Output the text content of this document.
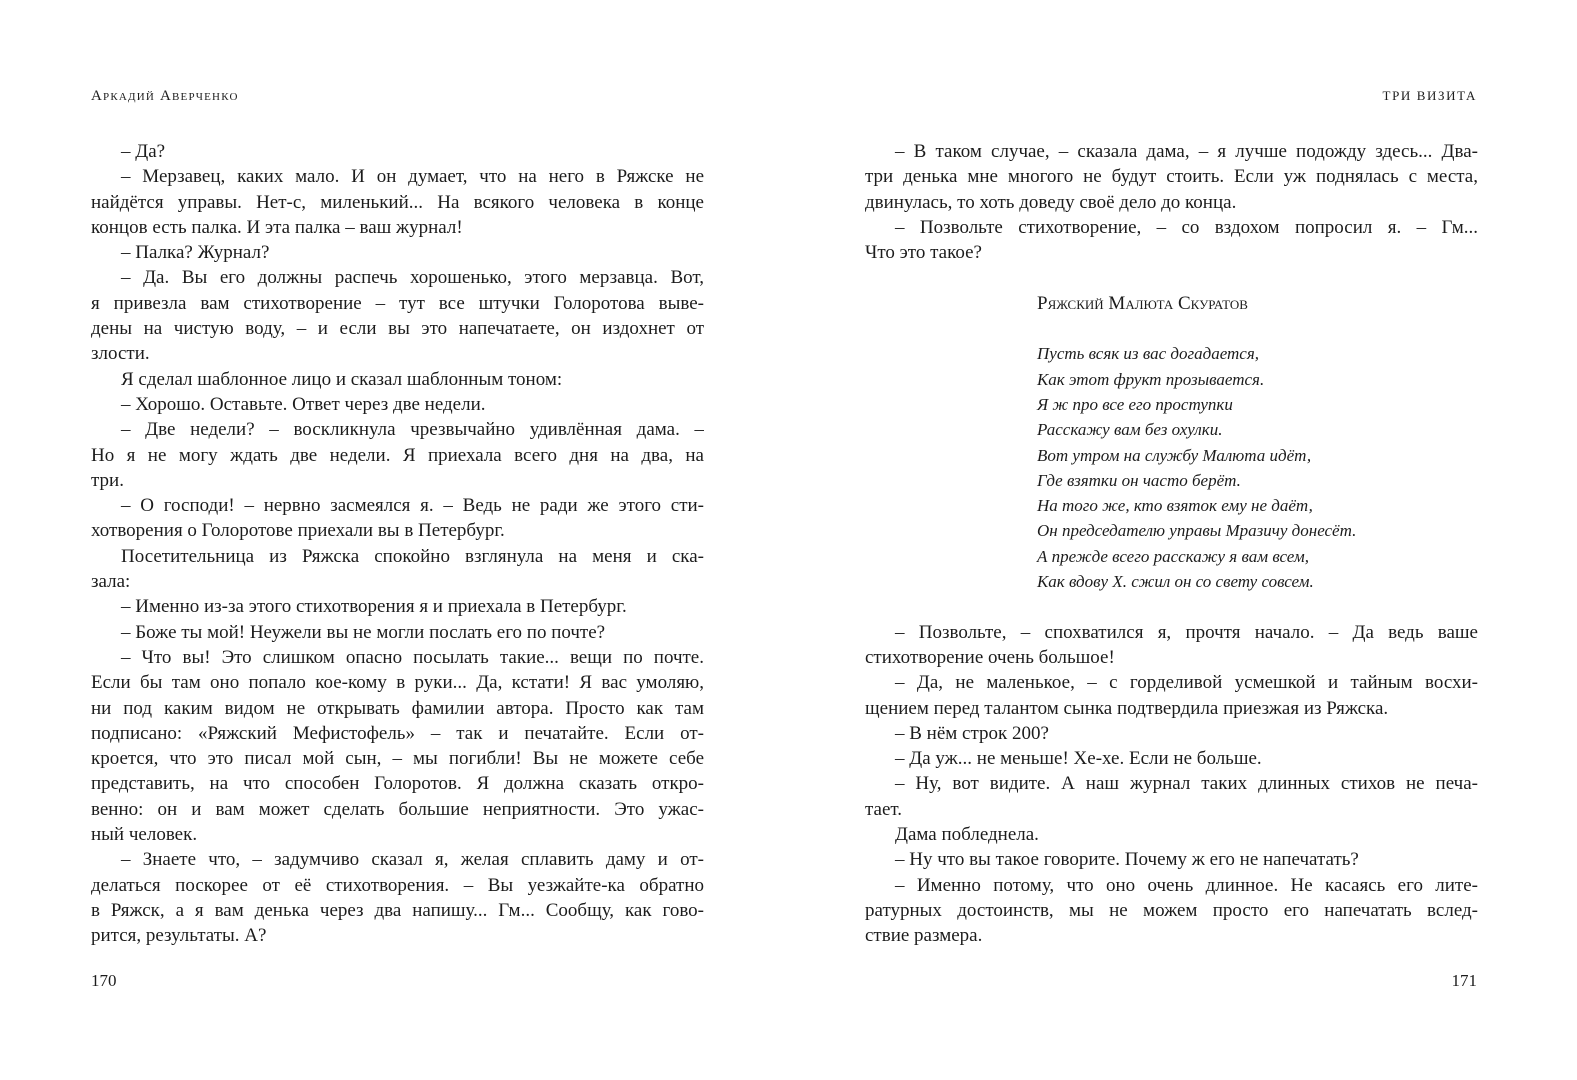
Аркадий Аверченко
– Да?
– Мерзавец, каких мало. И он думает, что на него в Ряжске не
найдётся управы. Нет-с, миленький... На всякого человека в конце
концов есть палка. И эта палка – ваш журнал!
– Палка? Журнал?
– Да. Вы его должны распечь хорошенько, этого мерзавца. Вот,
я привезла вам стихотворение – тут все штучки Голоротова выве-
дены на чистую воду, – и если вы это напечатаете, он издохнет от
злости.
Я сделал шаблонное лицо и сказал шаблонным тоном:
– Хорошо. Оставьте. Ответ через две недели.
– Две недели? – воскликнула чрезвычайно удивлённая дама. –
Но я не могу ждать две недели. Я приехала всего дня на два, на
три.
– О господи! – нервно засмеялся я. – Ведь не ради же этого сти-
хотворения о Голоротове приехали вы в Петербург.
Посетительница из Ряжска спокойно взглянула на меня и ска-
зала:
– Именно из-за этого стихотворения я и приехала в Петербург.
– Боже ты мой! Неужели вы не могли послать его по почте?
– Что вы! Это слишком опасно посылать такие... вещи по почте.
Если бы там оно попало кое-кому в руки... Да, кстати! Я вас умоляю,
ни под каким видом не открывать фамилии автора. Просто как там
подписано: «Ряжский Мефистофель» – так и печатайте. Если от-
кроется, что это писал мой сын, – мы погибли! Вы не можете себе
представить, на что способен Голоротов. Я должна сказать откро-
венно: он и вам может сделать большие неприятности. Это ужас-
ный человек.
– Знаете что, – задумчиво сказал я, желая сплавить даму и от-
делаться поскорее от её стихотворения. – Вы уезжайте-ка обратно
в Ряжск, а я вам денька через два напишу... Гм... Сообщу, как гово-
рится, результаты. А?
170
ТРИ ВИЗИТА
– В таком случае, – сказала дама, – я лучше подожду здесь... Два-
три денька мне многого не будут стоить. Если уж поднялась с места,
двинулась, то хоть доведу своё дело до конца.
– Позвольте стихотворение, – со вздохом попросил я. – Гм...
Что это такое?
Ряжский Малюта Скуратов
Пусть всяк из вас догадается,
Как этот фрукт прозывается.
Я ж про все его проступки
Расскажу вам без охулки.
Вот утром на службу Малюта идёт,
Где взятки он часто берёт.
На того же, кто взяток ему не даёт,
Он председателю управы Мразичу донесёт.
А прежде всего расскажу я вам всем,
Как вдову Х. сжил он со свету совсем.
– Позвольте, – спохватился я, прочтя начало. – Да ведь ваше
стихотворение очень большое!
– Да, не маленькое, – с горделивой усмешкой и тайным восхи-
щением перед талантом сынка подтвердила приезжая из Ряжска.
– В нём строк 200?
– Да уж... не меньше! Хе-хе. Если не больше.
– Ну, вот видите. А наш журнал таких длинных стихов не печа-
тает.
Дама побледнела.
– Ну что вы такое говорите. Почему ж его не напечатать?
– Именно потому, что оно очень длинное. Не касаясь его лите-
ратурных достоинств, мы не можем просто его напечатать вслед-
ствие размера.
171
